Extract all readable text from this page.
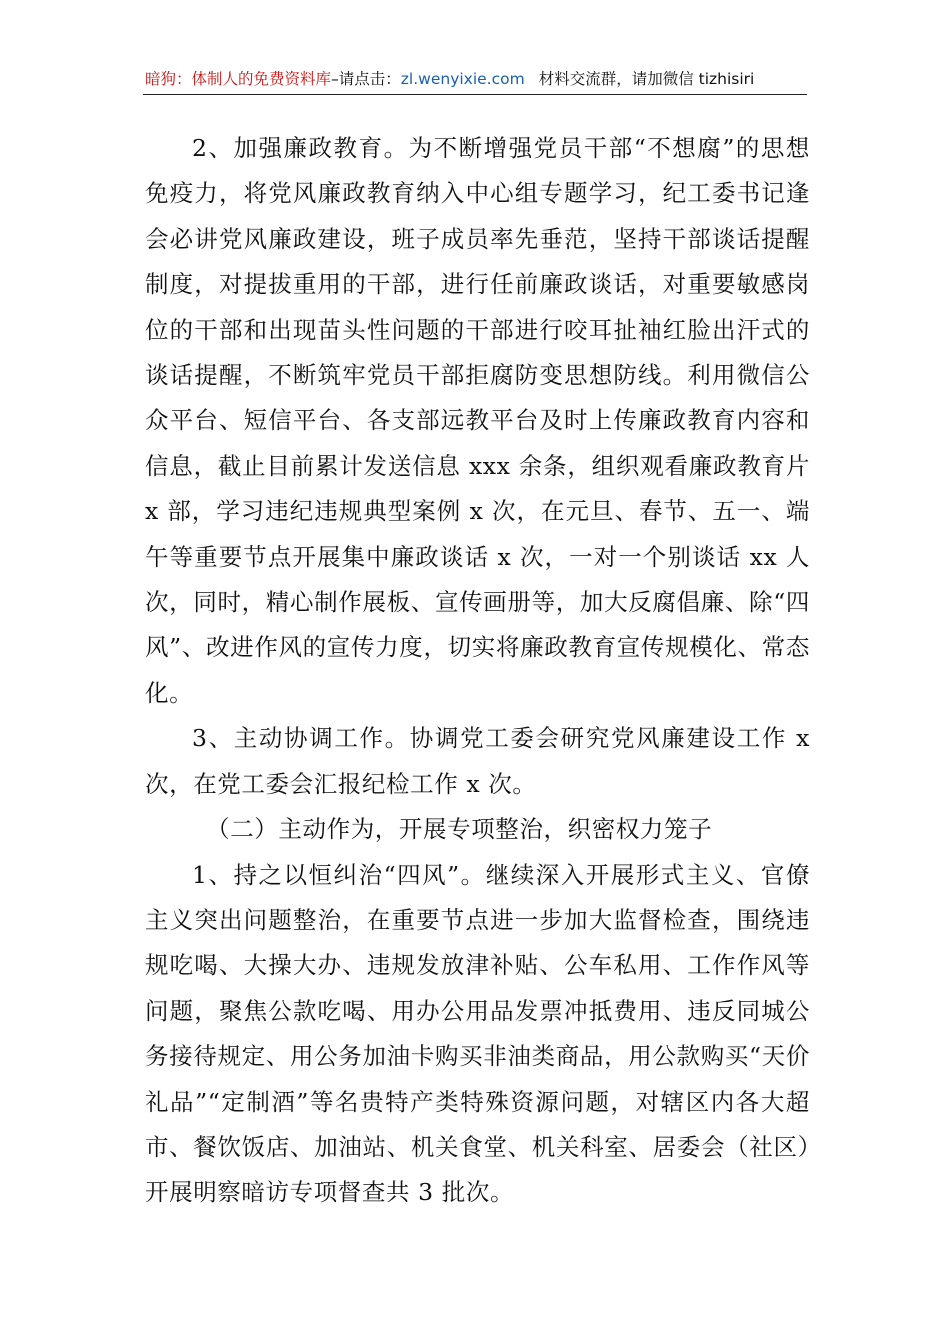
暗狗：体制人的免费资料库–请点击：zl.wenyixie.com 材料交流群，请加微信 tizhisiri

2、加强廉政教育。为不断增强党员干部“不想腐”的思想免疫力，将党风廉政教育纳入中心组专题学习，纪工委书记逢会必讲党风廉政建设，班子成员率先垂范，坚持干部谈话提醒制度，对提拔重用的干部，进行任前廉政谈话，对重要敏感岗位的干部和出现苗头性问题的干部进行咬耳扯袖红脸出汗式的谈话提醒，不断筑牢党员干部拒腐防变思想防线。利用微信公众平台、短信平台、各支部远教平台及时上传廉政教育内容和信息，截止目前累计发送信息 xxx 余条，组织观看廉政教育片 x 部，学习违纪违规典型案例 x 次，在元旦、春节、五一、端午等重要节点开展集中廉政谈话 x 次，一对一个别谈话 xx 人次，同时，精心制作展板、宣传画册等，加大反腐倡廉、除“四风”、改进作风的宣传力度，切实将廉政教育宣传规模化、常态化。

3、主动协调工作。协调党工委会研究党风廉建设工作 x 次，在党工委会汇报纪检工作 x 次。

（二）主动作为，开展专项整治，织密权力笼子

1、持之以恒纠治“四风”。继续深入开展形式主义、官僚主义突出问题整治，在重要节点进一步加大监督检查，围绕违规吃喝、大操大办、违规发放津补贴、公车私用、工作作风等问题，聚焦公款吃喝、用办公用品发票冲抵费用、违反同城公务接待规定、用公务加油卡购买非油类商品，用公款购买“天价礼品”“定制酒”等名贵特产类特殊资源问题，对辖区内各大超市、餐饮饭店、加油站、机关食堂、机关科室、居委会（社区）开展明察暗访专项督查共 3 批次。
